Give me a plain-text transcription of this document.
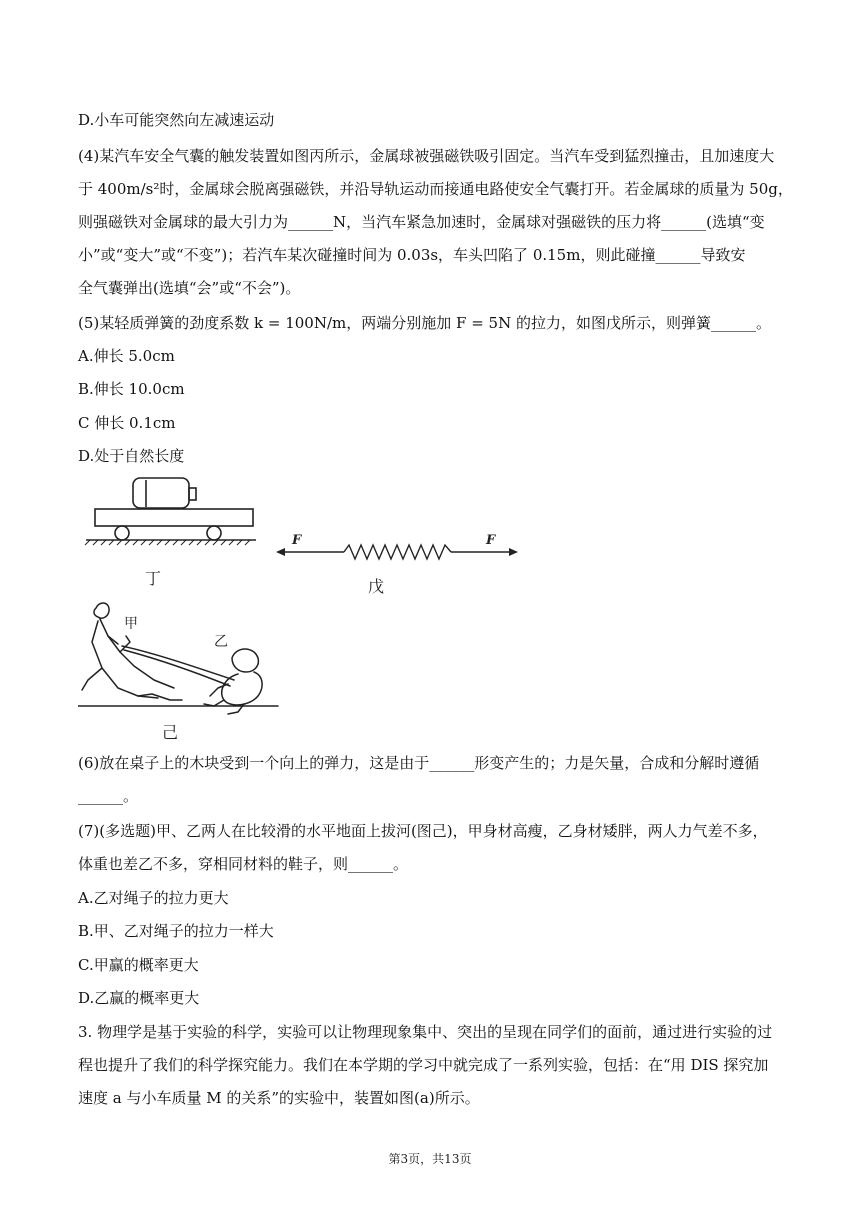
D.小车可能突然向左减速运动
(4)某汽车安全气囊的触发装置如图丙所示，金属球被强磁铁吸引固定。当汽车受到猛烈撞击，且加速度大
于 400m/s²时，金属球会脱离强磁铁，并沿导轨运动而接通电路使安全气囊打开。若金属球的质量为 50g，
则强磁铁对金属球的最大引力为______N，当汽车紧急加速时，金属球对强磁铁的压力将______(选填“变
小”或“变大”或“不变”)；若汽车某次碰撞时间为 0.03s，车头凹陷了 0.15m，则此碰撞______导致安
全气囊弹出(选填“会”或“不会”)。
(5)某轻质弹簧的劲度系数 k = 100N/m，两端分别施加 F = 5N 的拉力，如图戊所示，则弹簧______。
A.伸长 5.0cm
B.伸长 10.0cm
C 伸长 0.1cm
D.处于自然长度
丁
F	F
戊
甲
乙
己
(6)放在桌子上的木块受到一个向上的弹力，这是由于______形变产生的；力是矢量，合成和分解时遵循
______。
(7)(多选题)甲、乙两人在比较滑的水平地面上拔河(图己)，甲身材高瘦，乙身材矮胖，两人力气差不多，
体重也差乙不多，穿相同材料的鞋子，则______。
A.乙对绳子的拉力更大
B.甲、乙对绳子的拉力一样大
C.甲赢的概率更大
D.乙赢的概率更大
3. 物理学是基于实验的科学，实验可以让物理现象集中、突出的呈现在同学们的面前，通过进行实验的过
程也提升了我们的科学探究能力。我们在本学期的学习中就完成了一系列实验，包括：在“用 DIS 探究加
速度 a 与小车质量 M 的关系”的实验中，装置如图(a)所示。
第3页，共13页
